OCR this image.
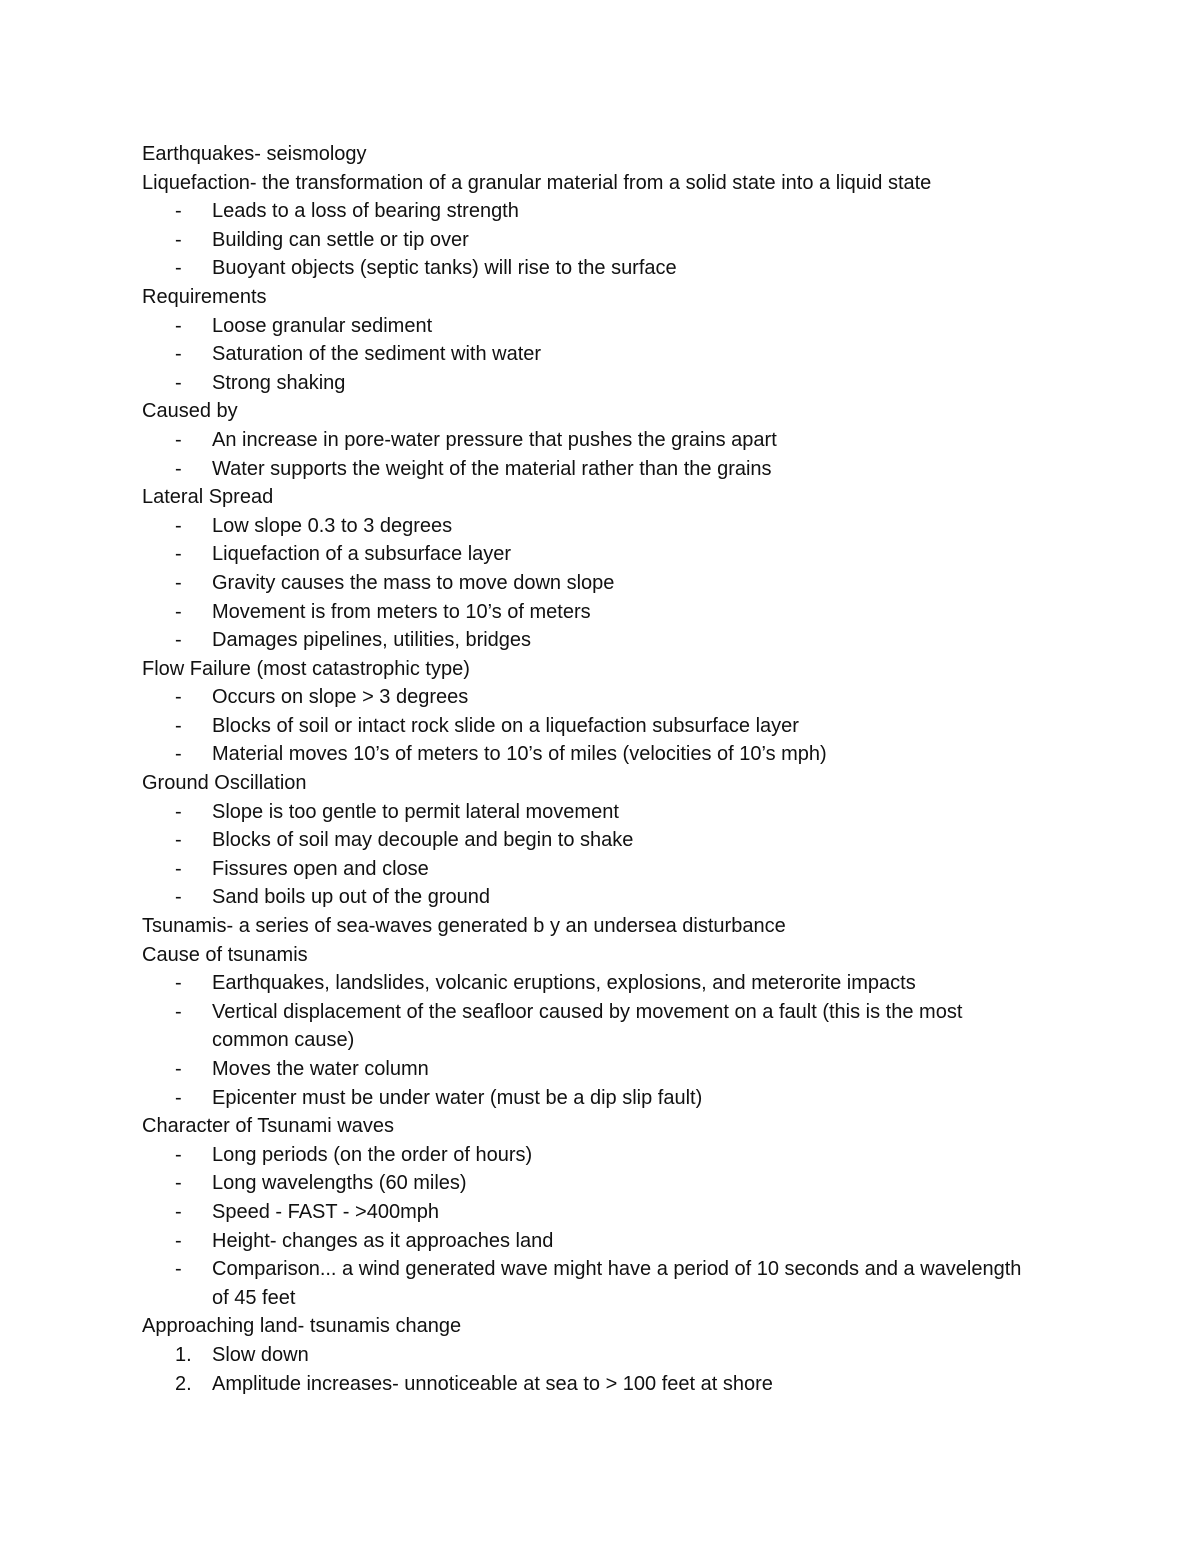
Earthquakes- seismology

Liquefaction- the transformation of a granular material from a solid state into a liquid state

- Leads to a loss of bearing strength
- Building can settle or tip over
- Buoyant objects (septic tanks) will rise to the surface

Requirements

- Loose granular sediment
- Saturation of the sediment with water
- Strong shaking

Caused by

- An increase in pore-water pressure that pushes the grains apart
- Water supports the weight of the material rather than the grains

Lateral Spread

- Low slope 0.3 to 3 degrees
- Liquefaction of a subsurface layer
- Gravity causes the mass to move down slope
- Movement is from meters to 10’s of meters
- Damages pipelines, utilities, bridges

Flow Failure (most catastrophic type)

- Occurs on slope > 3 degrees
- Blocks of soil or intact rock slide on a liquefaction subsurface layer
- Material moves 10’s of meters to 10’s of miles (velocities of 10’s mph)

Ground Oscillation

- Slope is too gentle to permit lateral movement
- Blocks of soil may decouple and begin to shake
- Fissures open and close
- Sand boils up out of the ground

Tsunamis- a series of sea-waves generated b y an undersea disturbance

Cause of tsunamis

- Earthquakes, landslides, volcanic eruptions, explosions, and meterorite impacts
- Vertical displacement of the seafloor caused by movement on a fault (this is the most common cause)
- Moves the water column
- Epicenter must be under water (must be a dip slip fault)

Character of Tsunami waves

- Long periods (on the order of hours)
- Long wavelengths (60 miles)
- Speed - FAST - >400mph
- Height- changes as it approaches land
- Comparison... a wind generated wave might have a period of 10 seconds and a wavelength of 45 feet

Approaching land- tsunamis change

1. Slow down
2. Amplitude increases- unnoticeable at sea to > 100 feet at shore
